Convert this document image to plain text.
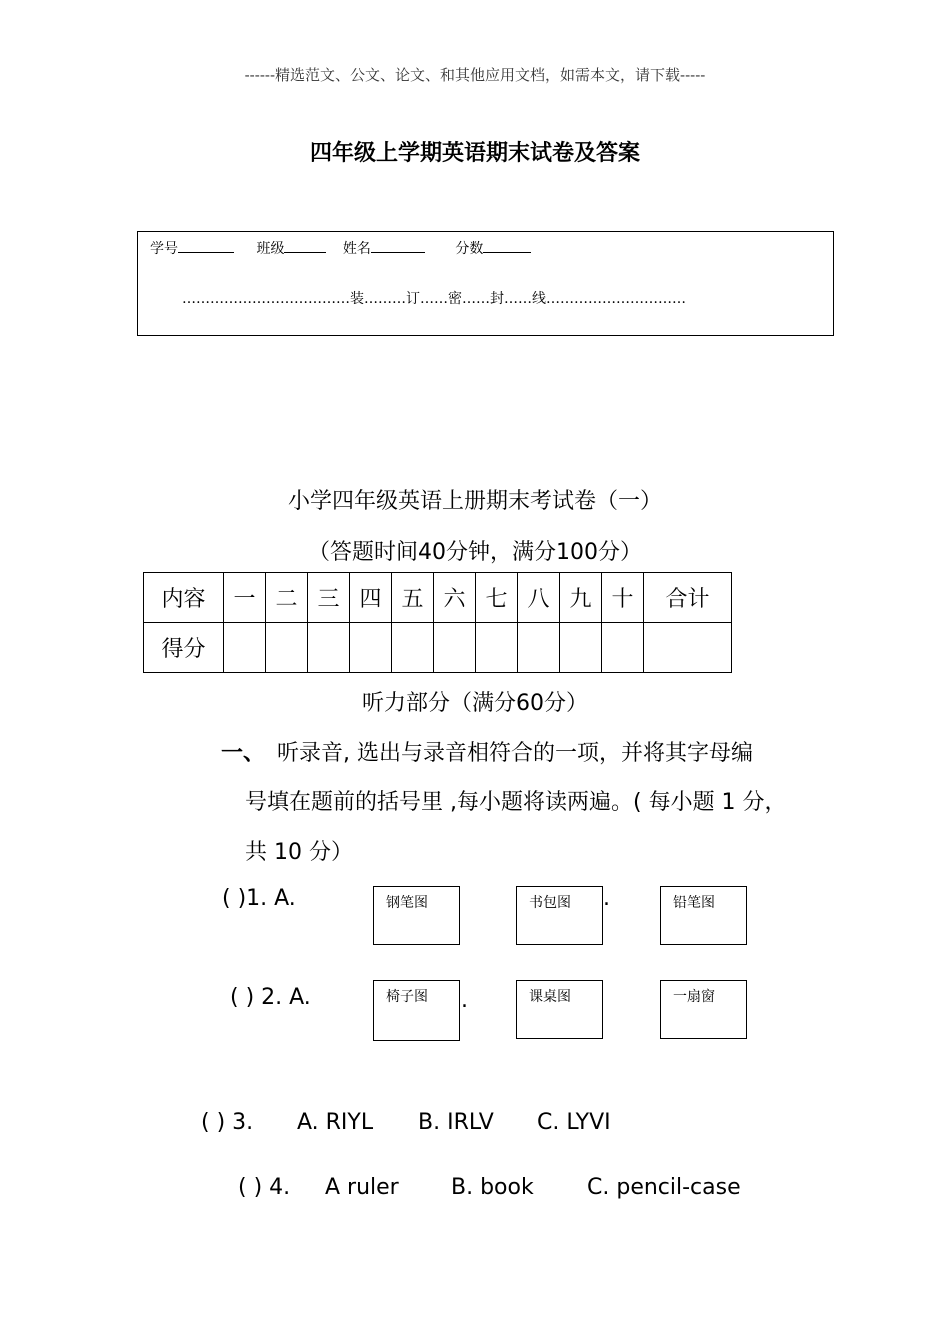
------精选范文、公文、论文、和其他应用文档，如需本文，请下载-----
四年级上学期英语期末试卷及答案
学号	班级	姓名	分数
………………………………装………订……密……封……线…………………………
小学四年级英语上册期末考试卷（一）
（答题时间40分钟，满分100分）
内容	一	二	三	四	五	六	七	八	九	十	合计
得分											
听力部分（满分60分）
一、 听录音, 选出与录音相符合的一项，并将其字母编
号填在题前的括号里 ,每小题将读两遍。( 每小题 1 分，
共 10 分）
( )1. A.	钢笔图	书包图	.	铅笔图
( ) 2. A.	椅子图	.	课桌图	一扇窗
( ) 3. A. RIYL B. IRLV C. LYVI
( ) 4. A ruler B. book C. pencil-case
